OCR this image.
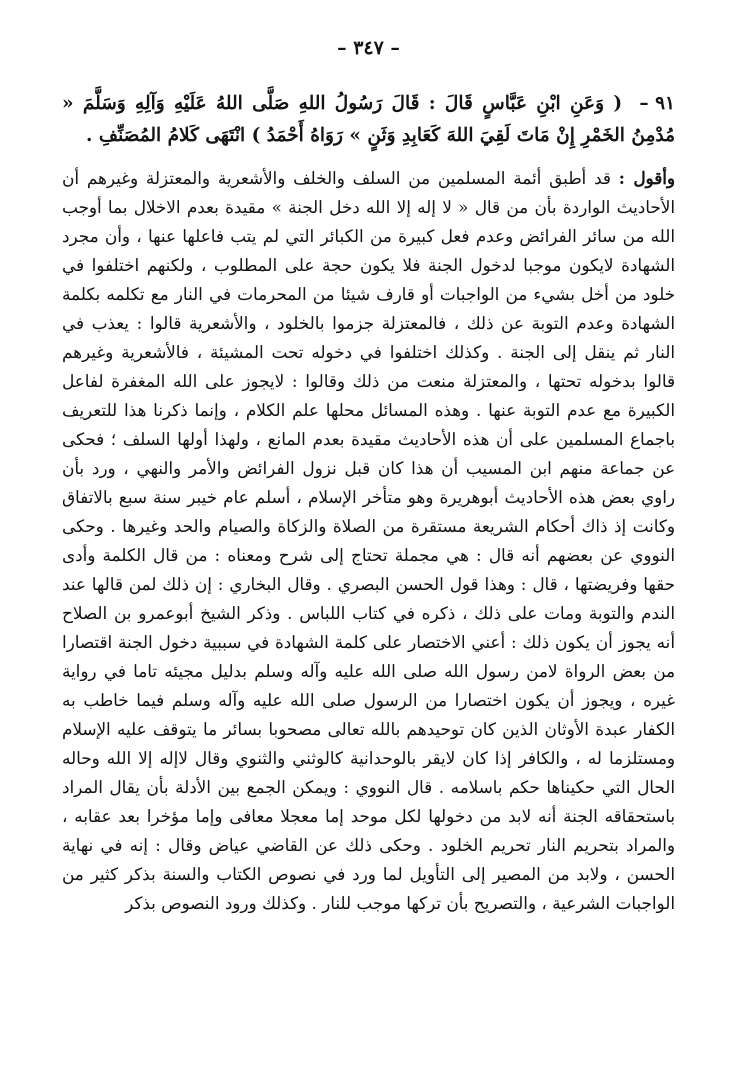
– ٣٤٧ –

٩١ – ( وَعَنِ ابْنِ عَبَّاسٍ قَالَ : قَالَ رَسُولُ اللهِ صَلَّى اللهُ عَلَيْهِ وَآلِهِ وَسَلَّمَ « مُدْمِنُ الخَمْرِ إِنْ مَاتَ لَقِيَ اللهَ كَعَابِدِ وَثَنٍ » رَوَاهُ أَحْمَدُ ) انْتَهَى كَلامُ المُصَنِّفِ .

وأقول : قد أطبق أئمة المسلمين من السلف والخلف والأشعرية والمعتزلة وغيرهم أن الأحاديث الواردة بأن من قال « لا إله إلا الله دخل الجنة » مقيدة بعدم الاخلال بما أوجب الله من سائر الفرائض وعدم فعل كبيرة من الكبائر التي لم يتب فاعلها عنها ، وأن مجرد الشهادة لايكون موجبا لدخول الجنة فلا يكون حجة على المطلوب ، ولكنهم اختلفوا في خلود من أخل بشيء من الواجبات أو قارف شيئا من المحرمات في النار مع تكلمه بكلمة الشهادة وعدم التوبة عن ذلك ، فالمعتزلة جزموا بالخلود ، والأشعرية قالوا : يعذب في النار ثم ينقل إلى الجنة . وكذلك اختلفوا في دخوله تحت المشيئة ، فالأشعرية وغيرهم قالوا بدخوله تحتها ، والمعتزلة منعت من ذلك وقالوا : لايجوز على الله المغفرة لفاعل الكبيرة مع عدم التوبة عنها . وهذه المسائل محلها علم الكلام ، وإنما ذكرنا هذا للتعريف باجماع المسلمين على أن هذه الأحاديث مقيدة بعدم المانع ، ولهذا أولها السلف ؛ فحكى عن جماعة منهم ابن المسيب أن هذا كان قبل نزول الفرائض والأمر والنهي ، ورد بأن راوي بعض هذه الأحاديث أبوهريرة وهو متأخر الإسلام ، أسلم عام خيبر سنة سبع بالاتفاق وكانت إذ ذاك أحكام الشريعة مستقرة من الصلاة والزكاة والصيام والحد وغيرها . وحكى النووي عن بعضهم أنه قال : هي مجملة تحتاج إلى شرح ومعناه : من قال الكلمة وأدى حقها وفريضتها ، قال : وهذا قول الحسن البصري . وقال البخاري : إن ذلك لمن قالها عند الندم والتوبة ومات على ذلك ، ذكره في كتاب اللباس . وذكر الشيخ أبوعمرو بن الصلاح أنه يجوز أن يكون ذلك : أعني الاختصار على كلمة الشهادة في سببية دخول الجنة اقتصارا من بعض الرواة لامن رسول الله صلى الله عليه وآله وسلم بدليل مجيئه تاما في رواية غيره ، ويجوز أن يكون اختصارا من الرسول صلى الله عليه وآله وسلم فيما خاطب به الكفار عبدة الأوثان الذين كان توحيدهم بالله تعالى مصحوبا بسائر ما يتوقف عليه الإسلام ومستلزما له ، والكافر إذا كان لايقر بالوحدانية كالوثني والثنوي وقال لاإله إلا الله وحاله الحال التي حكيناها حكم باسلامه . قال النووي : ويمكن الجمع بين الأدلة بأن يقال المراد باستحقاقه الجنة أنه لابد من دخولها لكل موحد إما معجلا معافى وإما مؤخرا بعد عقابه ، والمراد بتحريم النار تحريم الخلود . وحكى ذلك عن القاضي عياض وقال : إنه في نهاية الحسن ، ولابد من المصير إلى التأويل لما ورد في نصوص الكتاب والسنة بذكر كثير من الواجبات الشرعية ، والتصريح بأن تركها موجب للنار . وكذلك ورود النصوص بذكر
